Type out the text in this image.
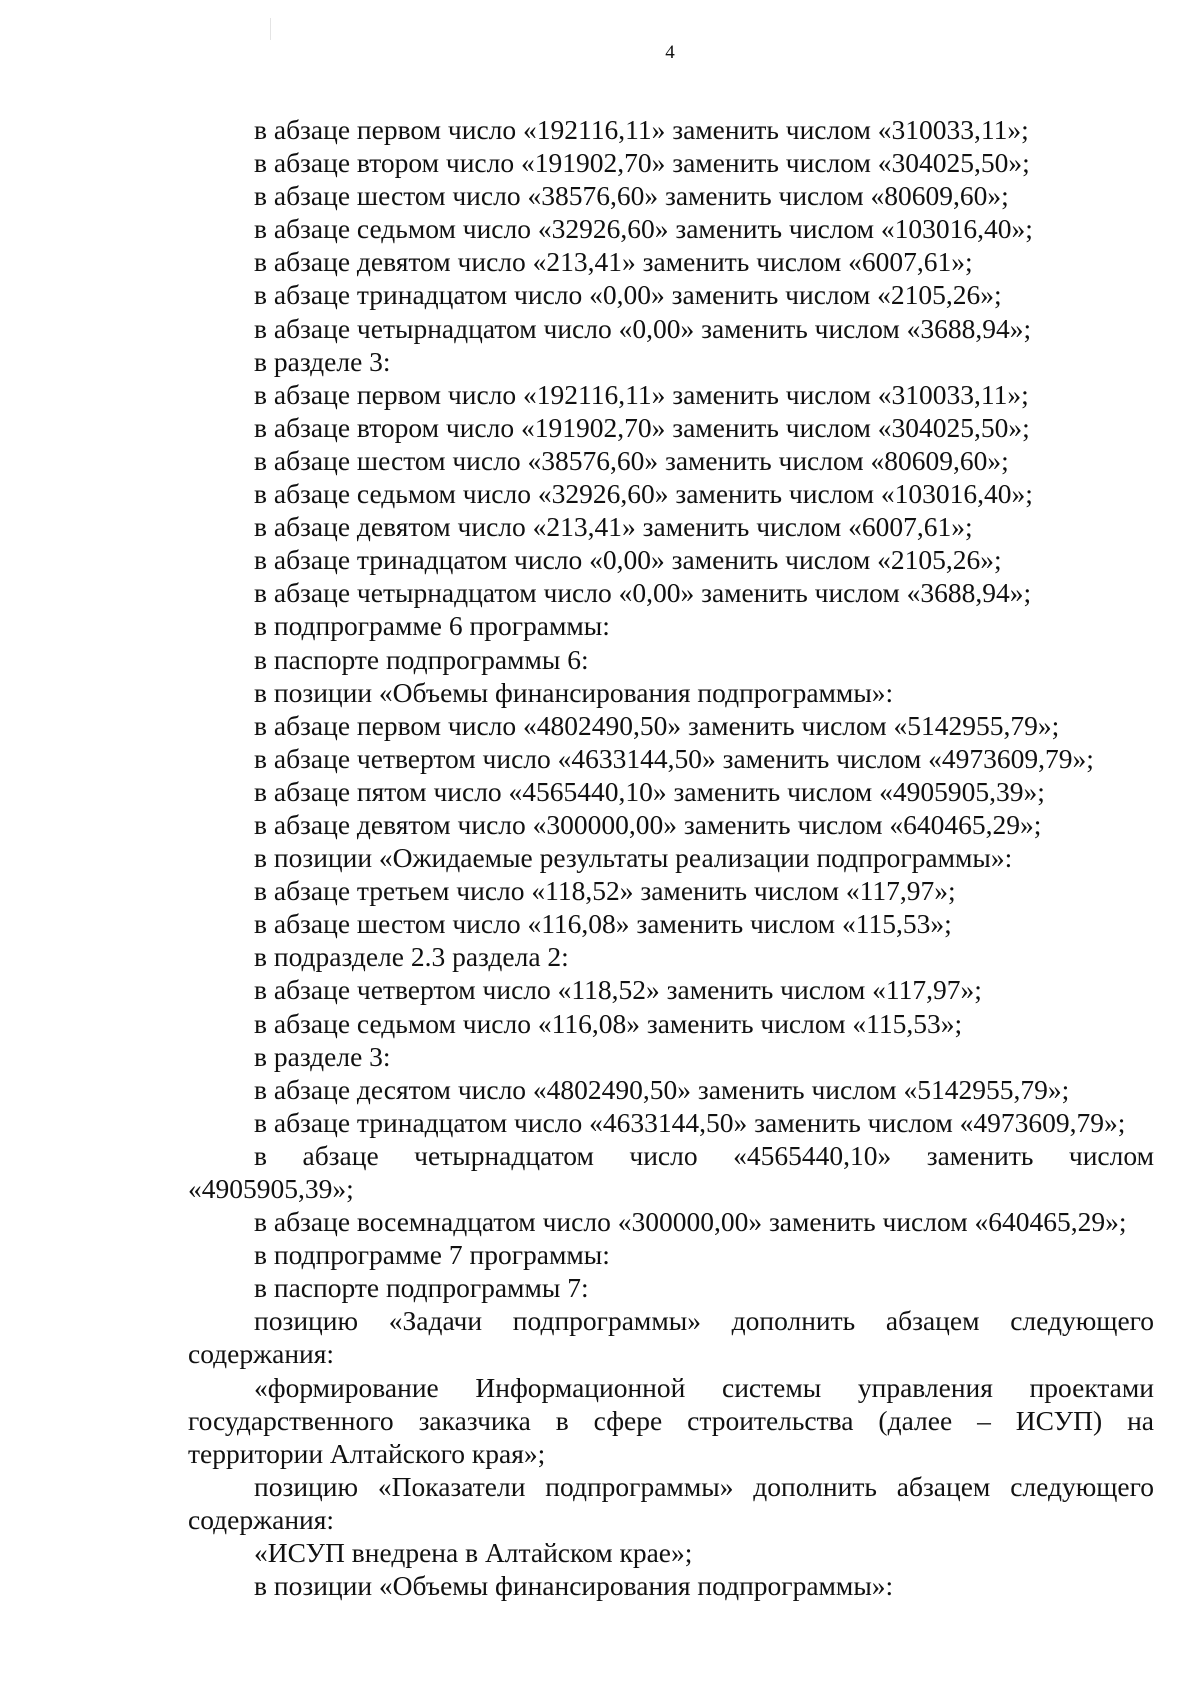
4
в абзаце первом число «192116,11» заменить числом «310033,11»;
в абзаце втором число «191902,70» заменить числом «304025,50»;
в абзаце шестом число «38576,60» заменить числом «80609,60»;
в абзаце седьмом число «32926,60» заменить числом «103016,40»;
в абзаце девятом число «213,41» заменить числом «6007,61»;
в абзаце тринадцатом число «0,00» заменить числом «2105,26»;
в абзаце четырнадцатом число «0,00» заменить числом «3688,94»;
в разделе 3:
в абзаце первом число «192116,11» заменить числом «310033,11»;
в абзаце втором число «191902,70» заменить числом «304025,50»;
в абзаце шестом число «38576,60» заменить числом «80609,60»;
в абзаце седьмом число «32926,60» заменить числом «103016,40»;
в абзаце девятом число «213,41» заменить числом «6007,61»;
в абзаце тринадцатом число «0,00» заменить числом «2105,26»;
в абзаце четырнадцатом число «0,00» заменить числом «3688,94»;
в подпрограмме 6 программы:
в паспорте подпрограммы 6:
в позиции «Объемы финансирования подпрограммы»:
в абзаце первом число «4802490,50» заменить числом «5142955,79»;
в абзаце четвертом число «4633144,50» заменить числом «4973609,79»;
в абзаце пятом число «4565440,10» заменить числом «4905905,39»;
в абзаце девятом число «300000,00» заменить числом «640465,29»;
в позиции «Ожидаемые результаты реализации подпрограммы»:
в абзаце третьем число «118,52» заменить числом «117,97»;
в абзаце шестом число «116,08» заменить числом «115,53»;
в подразделе 2.3 раздела 2:
в абзаце четвертом число «118,52» заменить числом «117,97»;
в абзаце седьмом число «116,08» заменить числом «115,53»;
в разделе 3:
в абзаце десятом число «4802490,50» заменить числом «5142955,79»;
в абзаце тринадцатом число «4633144,50» заменить числом «4973609,79»;
в абзаце четырнадцатом число «4565440,10» заменить числом
«4905905,39»;
в абзаце восемнадцатом число «300000,00» заменить числом «640465,29»;
в подпрограмме 7 программы:
в паспорте подпрограммы 7:
позицию «Задачи подпрограммы» дополнить абзацем следующего
содержания:
«формирование Информационной системы управления проектами
государственного заказчика в сфере строительства (далее – ИСУП) на
территории Алтайского края»;
позицию «Показатели подпрограммы» дополнить абзацем следующего
содержания:
«ИСУП внедрена в Алтайском крае»;
в позиции «Объемы финансирования подпрограммы»:
